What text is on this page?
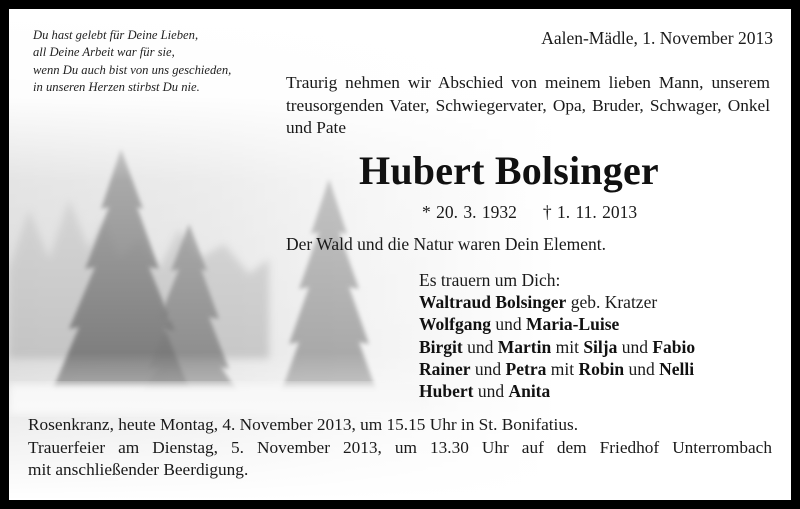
Du hast gelebt für Deine Lieben,
all Deine Arbeit war für sie,
wenn Du auch bist von uns geschieden,
in unseren Herzen stirbst Du nie.
Aalen-Mädle, 1. November 2013
Traurig nehmen wir Abschied von meinem lieben Mann, unserem treusorgenden Vater, Schwiegervater, Opa, Bruder, Schwager, Onkel und Pate
Hubert Bolsinger
* 20. 3. 1932 † 1. 11. 2013
Der Wald und die Natur waren Dein Element.
Es trauern um Dich:
Waltraud Bolsinger geb. Kratzer
Wolfgang und Maria-Luise
Birgit und Martin mit Silja und Fabio
Rainer und Petra mit Robin und Nelli
Hubert und Anita
Rosenkranz, heute Montag, 4. November 2013, um 15.15 Uhr in St. Bonifatius.
Trauerfeier am Dienstag, 5. November 2013, um 13.30 Uhr auf dem Friedhof Unterrombach
mit anschließender Beerdigung.
